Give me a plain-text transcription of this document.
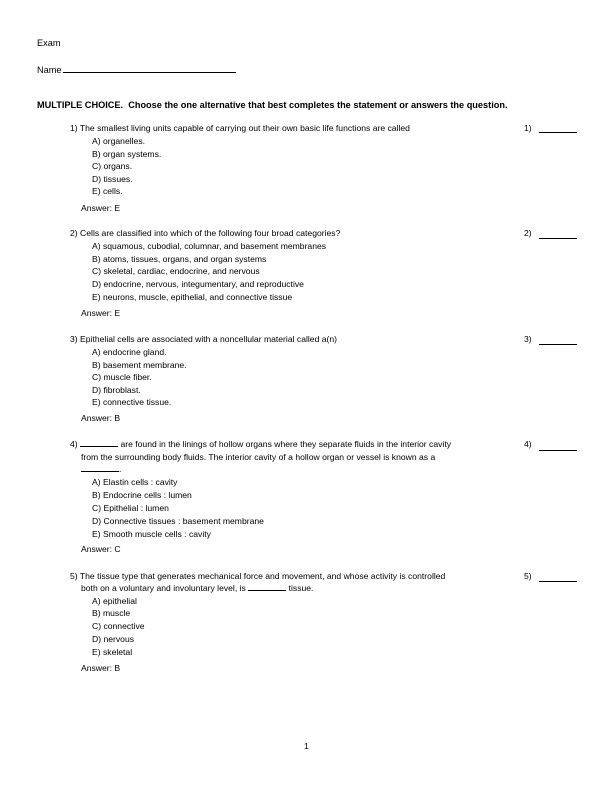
Exam
Name
MULTIPLE CHOICE. Choose the one alternative that best completes the statement or answers the question.
1) The smallest living units capable of carrying out their own basic life functions are called	1)
A) organelles.
B) organ systems.
C) organs.
D) tissues.
E) cells.
Answer: E
2) Cells are classified into which of the following four broad categories?	2)
A) squamous, cubodial, columnar, and basement membranes
B) atoms, tissues, organs, and organ systems
C) skeletal, cardiac, endocrine, and nervous
D) endocrine, nervous, integumentary, and reproductive
E) neurons, muscle, epithelial, and connective tissue
Answer: E
3) Epithelial cells are associated with a noncellular material called a(n)	3)
A) endocrine gland.
B) basement membrane.
C) muscle fiber.
D) fibroblast.
E) connective tissue.
Answer: B
4)	are found in the linings of hollow organs where they separate fluids in the interior cavity
from the surrounding body fluids. The interior cavity of a hollow organ or vessel is known as a
.
4)
A) Elastin cells : cavity
B) Endocrine cells : lumen
C) Epithelial : lumen
D) Connective tissues : basement membrane
E) Smooth muscle cells : cavity
Answer: C
5) The tissue type that generates mechanical force and movement, and whose activity is controlled
both on a voluntary and involuntary level, is	tissue.
5)
A) epithelial
B) muscle
C) connective
D) nervous
E) skeletal
Answer: B
1
